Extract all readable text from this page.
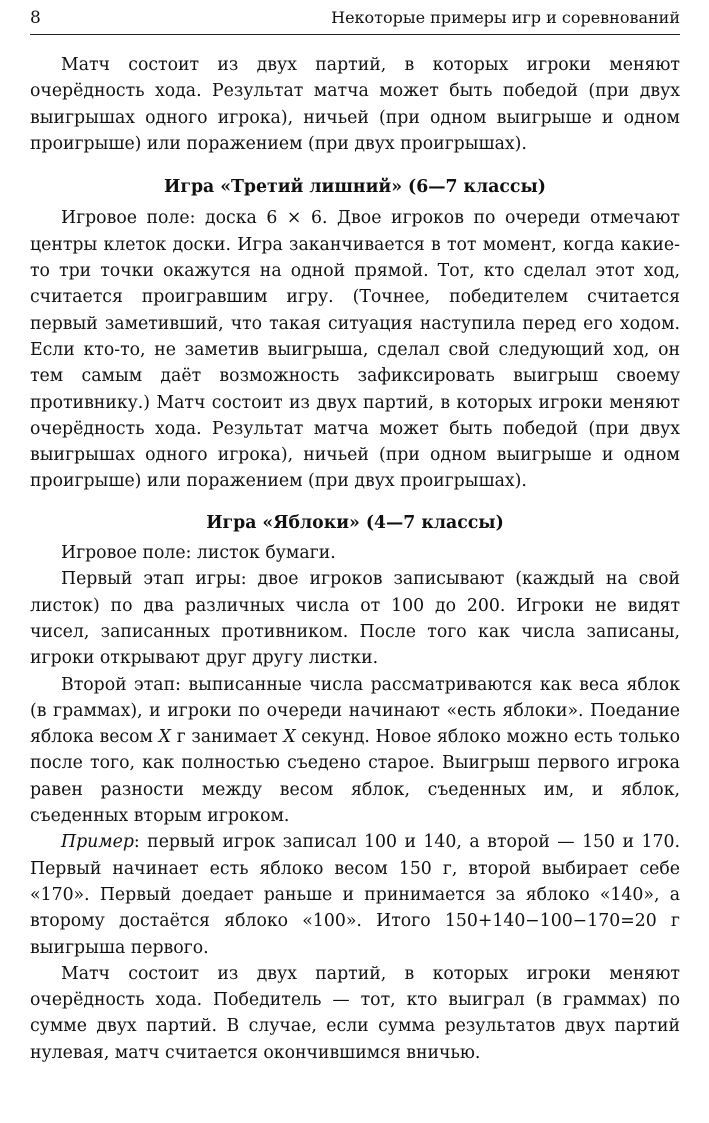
8	Некоторые примеры игр и соревнований

Матч состоит из двух партий, в которых игроки меняют очерёдность хода. Результат матча может быть победой (при двух выигрышах одного игрока), ничьей (при одном выигрыше и одном проигрыше) или поражением (при двух проигрышах).

Игра «Третий лишний» (6—7 классы)

Игровое поле: доска 6 × 6. Двое игроков по очереди отмечают центры клеток доски. Игра заканчивается в тот момент, когда какие-то три точки окажутся на одной прямой. Тот, кто сделал этот ход, считается проигравшим игру. (Точнее, победителем считается первый заметивший, что такая ситуация наступила перед его ходом. Если кто-то, не заметив выигрыша, сделал свой следующий ход, он тем самым даёт возможность зафиксировать выигрыш своему противнику.) Матч состоит из двух партий, в которых игроки меняют очерёдность хода. Результат матча может быть победой (при двух выигрышах одного игрока), ничьей (при одном выигрыше и одном проигрыше) или поражением (при двух проигрышах).

Игра «Яблоки» (4—7 классы)

Игровое поле: листок бумаги.

Первый этап игры: двое игроков записывают (каждый на свой листок) по два различных числа от 100 до 200. Игроки не видят чисел, записанных противником. После того как числа записаны, игроки открывают друг другу листки.

Второй этап: выписанные числа рассматриваются как веса яблок (в граммах), и игроки по очереди начинают «есть яблоки». Поедание яблока весом X г занимает X секунд. Новое яблоко можно есть только после того, как полностью съедено старое. Выигрыш первого игрока равен разности между весом яблок, съеденных им, и яблок, съеденных вторым игроком.

Пример: первый игрок записал 100 и 140, а второй — 150 и 170. Первый начинает есть яблоко весом 150 г, второй выбирает себе «170». Первый доедает раньше и принимается за яблоко «140», а второму достаётся яблоко «100». Итого 150+140−100−170=20 г выигрыша первого.

Матч состоит из двух партий, в которых игроки меняют очерёдность хода. Победитель — тот, кто выиграл (в граммах) по сумме двух партий. В случае, если сумма результатов двух партий нулевая, матч считается окончившимся вничью.
